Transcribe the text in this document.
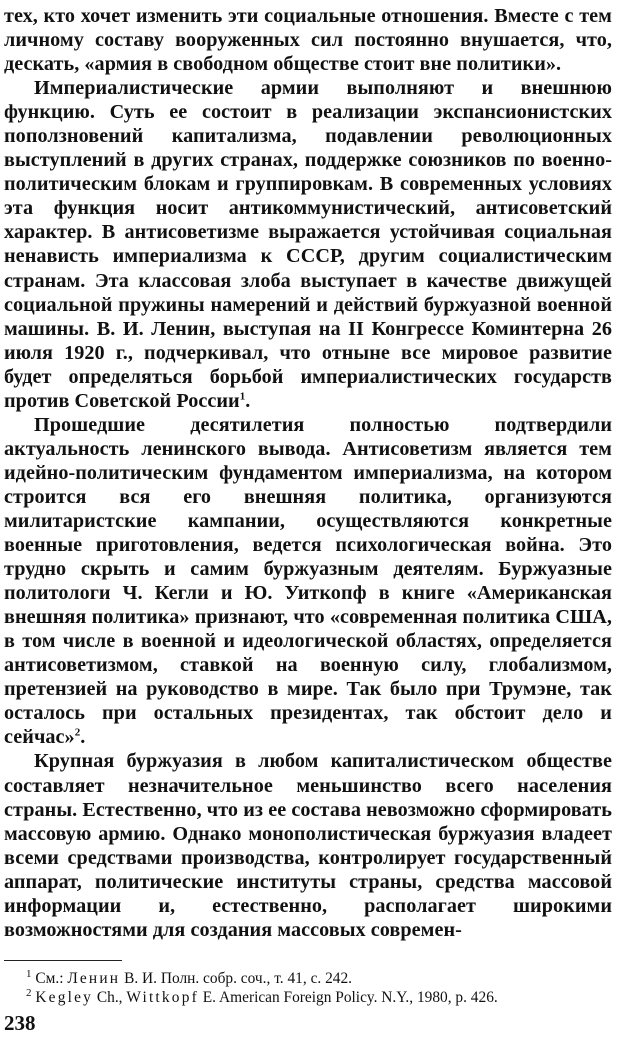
тех, кто хочет изменить эти социальные отношения. Вместе с тем личному составу вооруженных сил постоянно внушается, что, дескать, «армия в свободном обществе стоит вне политики».

Империалистические армии выполняют и внешнюю функцию. Суть ее состоит в реализации экспансионистских поползновений капитализма, подавлении революционных выступлений в других странах, поддержке союзников по военно-политическим блокам и группировкам. В современных условиях эта функция носит антикоммунистический, антисоветский характер. В антисоветизме выражается устойчивая социальная ненависть империализма к СССР, другим социалистическим странам. Эта классовая злоба выступает в качестве движущей социальной пружины намерений и действий буржуазной военной машины. В. И. Ленин, выступая на II Конгрессе Коминтерна 26 июля 1920 г., подчеркивал, что отныне все мировое развитие будет определяться борьбой империалистических государств против Советской России$^1$.

Прошедшие десятилетия полностью подтвердили актуальность ленинского вывода. Антисоветизм является тем идейно-политическим фундаментом империализма, на котором строится вся его внешняя политика, организуются милитаристские кампании, осуществляются конкретные военные приготовления, ведется психологическая война. Это трудно скрыть и самим буржуазным деятелям. Буржуазные политологи Ч. Кегли и Ю. Уиткопф в книге «Американская внешняя политика» признают, что «современная политика США, в том числе в военной и идеологической областях, определяется антисоветизмом, ставкой на военную силу, глобализмом, претензией на руководство в мире. Так было при Трумэне, так осталось при остальных президентах, так обстоит дело и сейчас»$^2$.

Крупная буржуазия в любом капиталистическом обществе составляет незначительное меньшинство всего населения страны. Естественно, что из ее состава невозможно сформировать массовую армию. Однако монополистическая буржуазия владеет всеми средствами производства, контролирует государственный аппарат, политические институты страны, средства массовой информации и, естественно, располагает широкими возможностями для создания массовых современ-

$^1$ См.: Ленин В. И. Полн. собр. соч., т. 41, с. 242.

$^2$ Kegley Ch., Wittkopf E. American Foreign Policy. N.Y., 1980, p. 426.

238
